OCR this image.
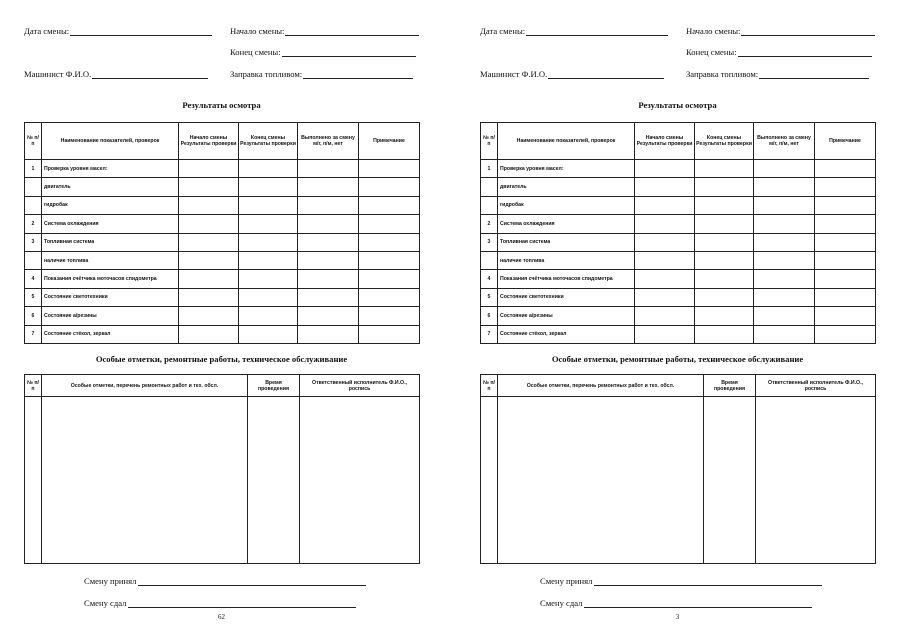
Дата смены:	Начало смены:
Конец смены:
Машинист Ф.И.О.	Заправка топливом:
Результаты осмотра
№ п/п	Наименование показателей, проверок	Начало смены Результаты проверки	Конец смены Результаты проверки	Выполнено за смену м/г, п/м, нет	Примечание
1	Проверка уровня масел:				
	двигатель				
	гидробак				
2	Система охлаждения				
3	Топливная система				
	наличие топлива				
4	Показания счётчика моточасов спидометра				
5	Состояние светотехники				
6	Состояние а/резины				
7	Состояние стёкол, зеркал				
Особые отметки, ремонтные работы, техническое обслуживание
№ п/п	Особые отметки, перечень ремонтных работ и тех. обсл.	Время проведения	Ответственный исполнитель Ф.И.О., роспись

Смену принял
Смену сдал
62
Дата смены:	Начало смены:
Конец смены:
Машинист Ф.И.О.	Заправка топливом:
Результаты осмотра
№ п/п	Наименование показателей, проверок	Начало смены Результаты проверки	Конец смены Результаты проверки	Выполнено за смену м/г, п/м, нет	Примечание
1	Проверка уровня масел:				
	двигатель				
	гидробак				
2	Система охлаждения				
3	Топливная система				
	наличие топлива				
4	Показания счётчика моточасов спидометра				
5	Состояние светотехники				
6	Состояние а/резины				
7	Состояние стёкол, зеркал				
Особые отметки, ремонтные работы, техническое обслуживание
№ п/п	Особые отметки, перечень ремонтных работ и тех. обсл.	Время проведения	Ответственный исполнитель Ф.И.О., роспись

Смену принял
Смену сдал
3
